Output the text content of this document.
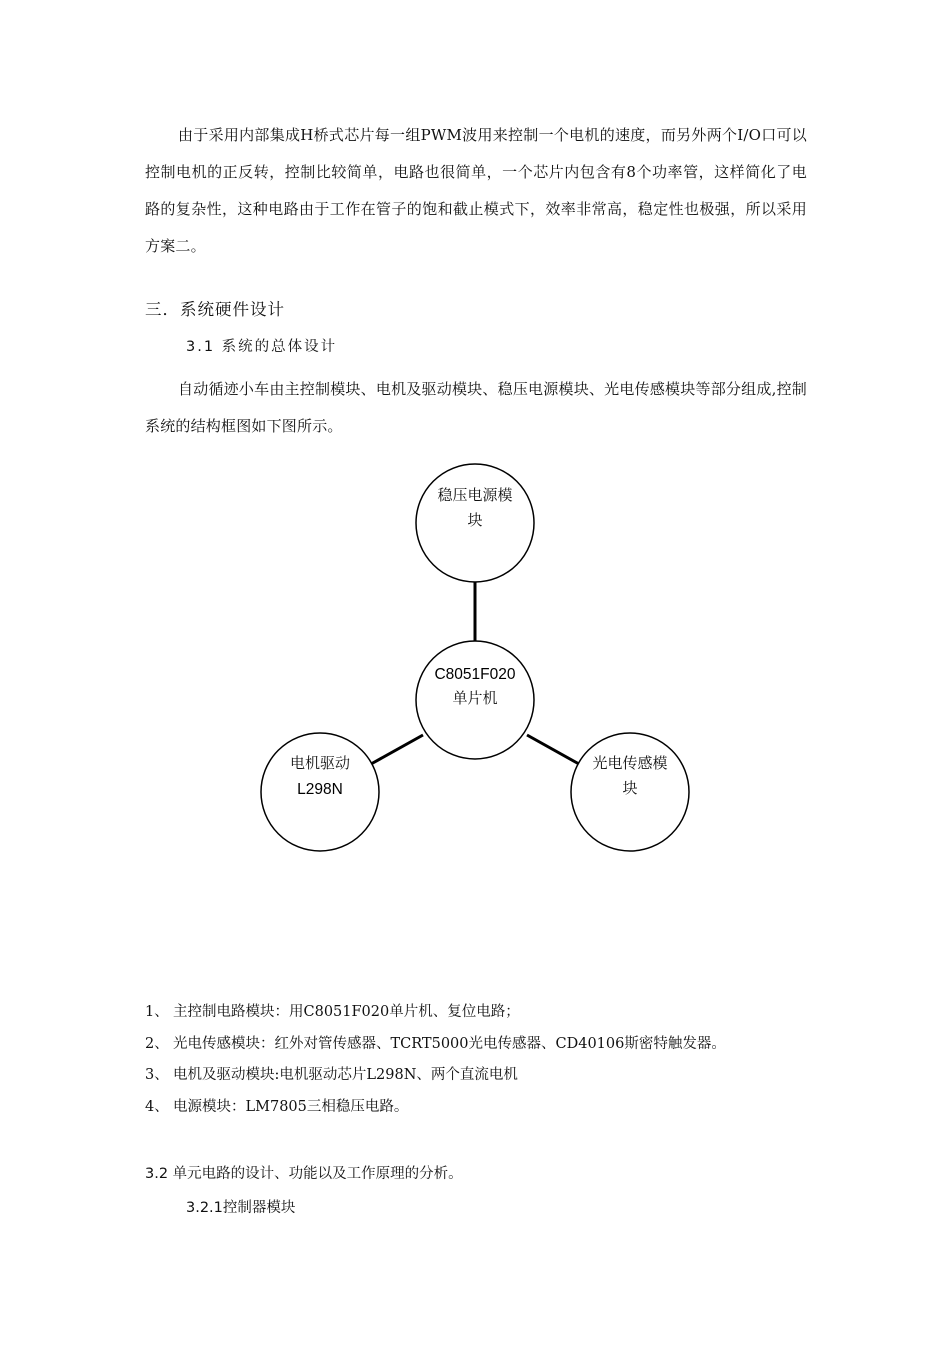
由于采用内部集成H桥式芯片每一组PWM波用来控制一个电机的速度，而另外两个I/O口可以控制电机的正反转，控制比较简单，电路也很简单，一个芯片内包含有8个功率管，这样简化了电路的复杂性，这种电路由于工作在管子的饱和截止模式下，效率非常高，稳定性也极强，所以采用方案二。
三．系统硬件设计
3.1 系统的总体设计
自动循迹小车由主控制模块、电机及驱动模块、稳压电源模块、光电传感模块等部分组成,控制系统的结构框图如下图所示。
稳压电源模
块
C8051F020
单片机
电机驱动
L298N
光电传感模
块
1、 主控制电路模块：用C8051F020单片机、复位电路；
2、 光电传感模块：红外对管传感器、TCRT5000光电传感器、CD40106斯密特触发器。
3、 电机及驱动模块:电机驱动芯片L298N、两个直流电机
4、 电源模块：LM7805三相稳压电路。
3.2 单元电路的设计、功能以及工作原理的分析。
3.2.1控制器模块
